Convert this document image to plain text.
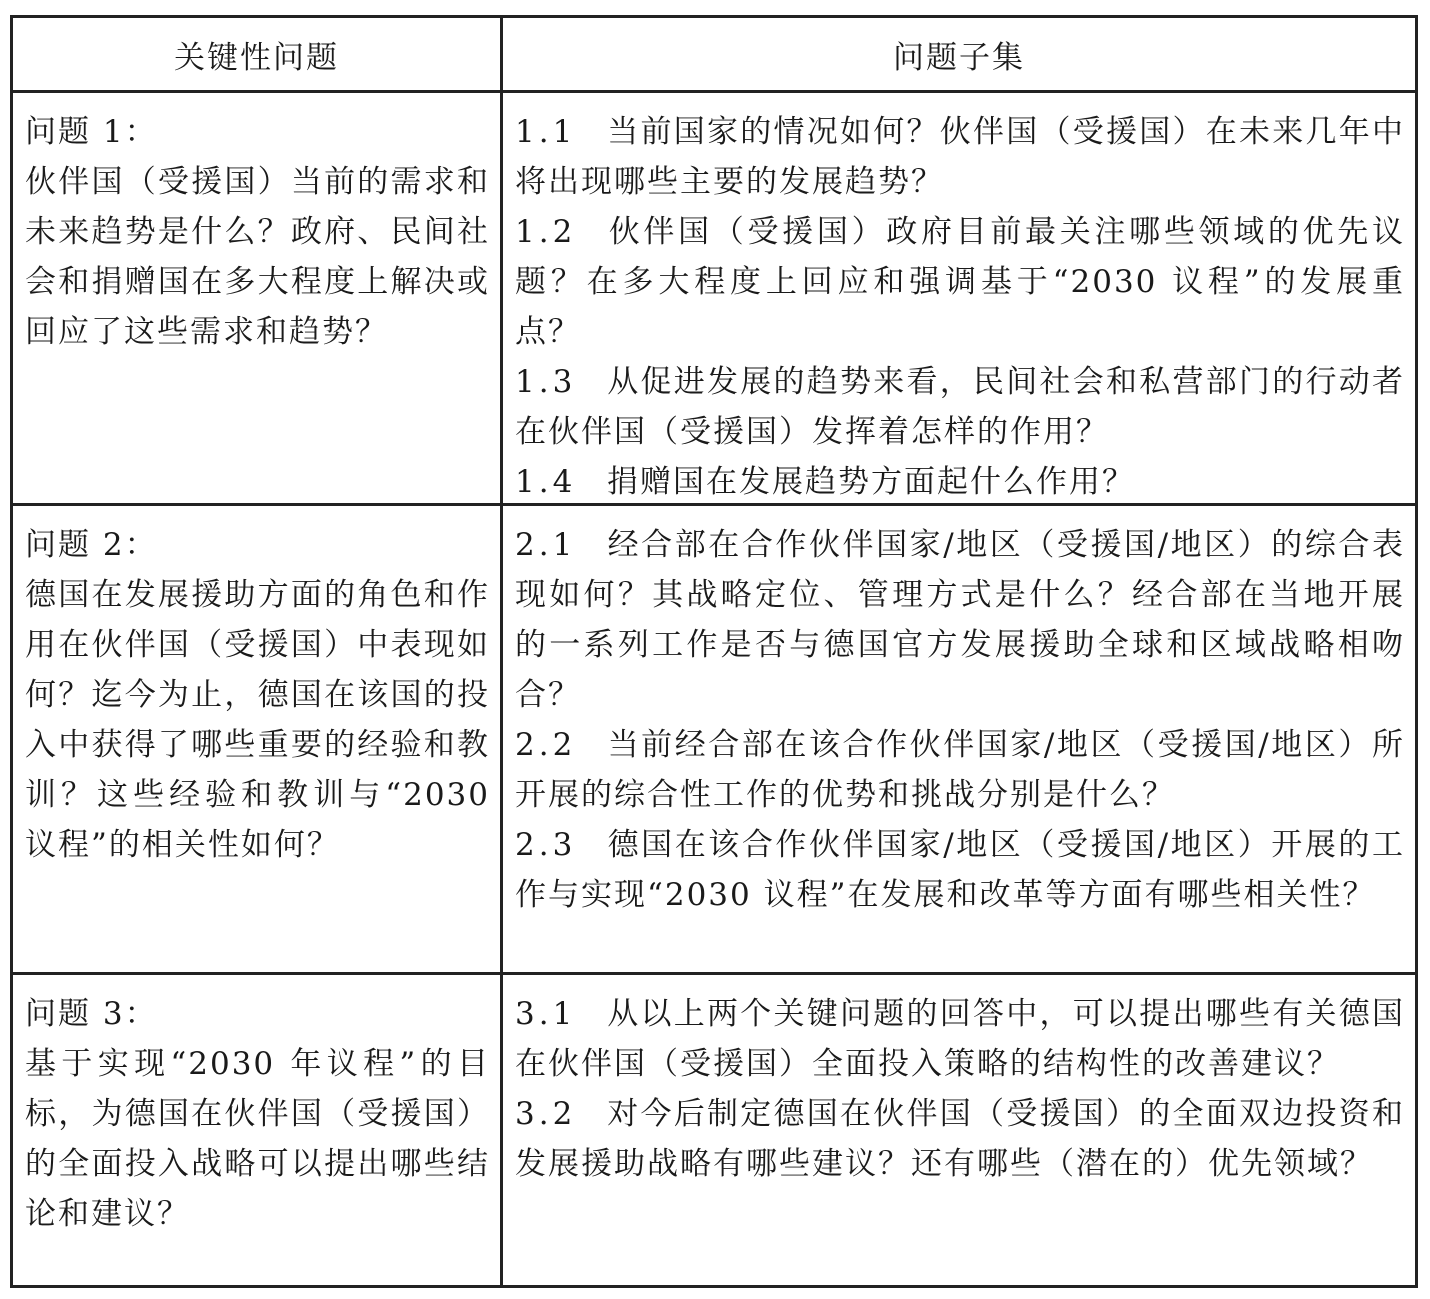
关键性问题	问题子集
问题 1：
伙伴国（受援国）当前的需求和未来趋势是什么？政府、民间社会和捐赠国在多大程度上解决或回应了这些需求和趋势？

1.1 当前国家的情况如何？伙伴国（受援国）在未来几年中将出现哪些主要的发展趋势？

1.2 伙伴国（受援国）政府目前最关注哪些领域的优先议题？在多大程度上回应和强调基于“2030 议程”的发展重点？

1.3 从促进发展的趋势来看，民间社会和私营部门的行动者在伙伴国（受援国）发挥着怎样的作用？

1.4 捐赠国在发展趋势方面起什么作用？

问题 2：
德国在发展援助方面的角色和作用在伙伴国（受援国）中表现如何？迄今为止，德国在该国的投入中获得了哪些重要的经验和教训？这些经验和教训与“2030 议程”的相关性如何？

2.1 经合部在合作伙伴国家/地区（受援国/地区）的综合表现如何？其战略定位、管理方式是什么？经合部在当地开展的一系列工作是否与德国官方发展援助全球和区域战略相吻合？

2.2 当前经合部在该合作伙伴国家/地区（受援国/地区）所开展的综合性工作的优势和挑战分别是什么？

2.3 德国在该合作伙伴国家/地区（受援国/地区）开展的工作与实现“2030 议程”在发展和改革等方面有哪些相关性？

问题 3：
基于实现“2030 年议程”的目标，为德国在伙伴国（受援国）的全面投入战略可以提出哪些结论和建议？

3.1 从以上两个关键问题的回答中，可以提出哪些有关德国在伙伴国（受援国）全面投入策略的结构性的改善建议？

3.2 对今后制定德国在伙伴国（受援国）的全面双边投资和发展援助战略有哪些建议？还有哪些（潜在的）优先领域？
